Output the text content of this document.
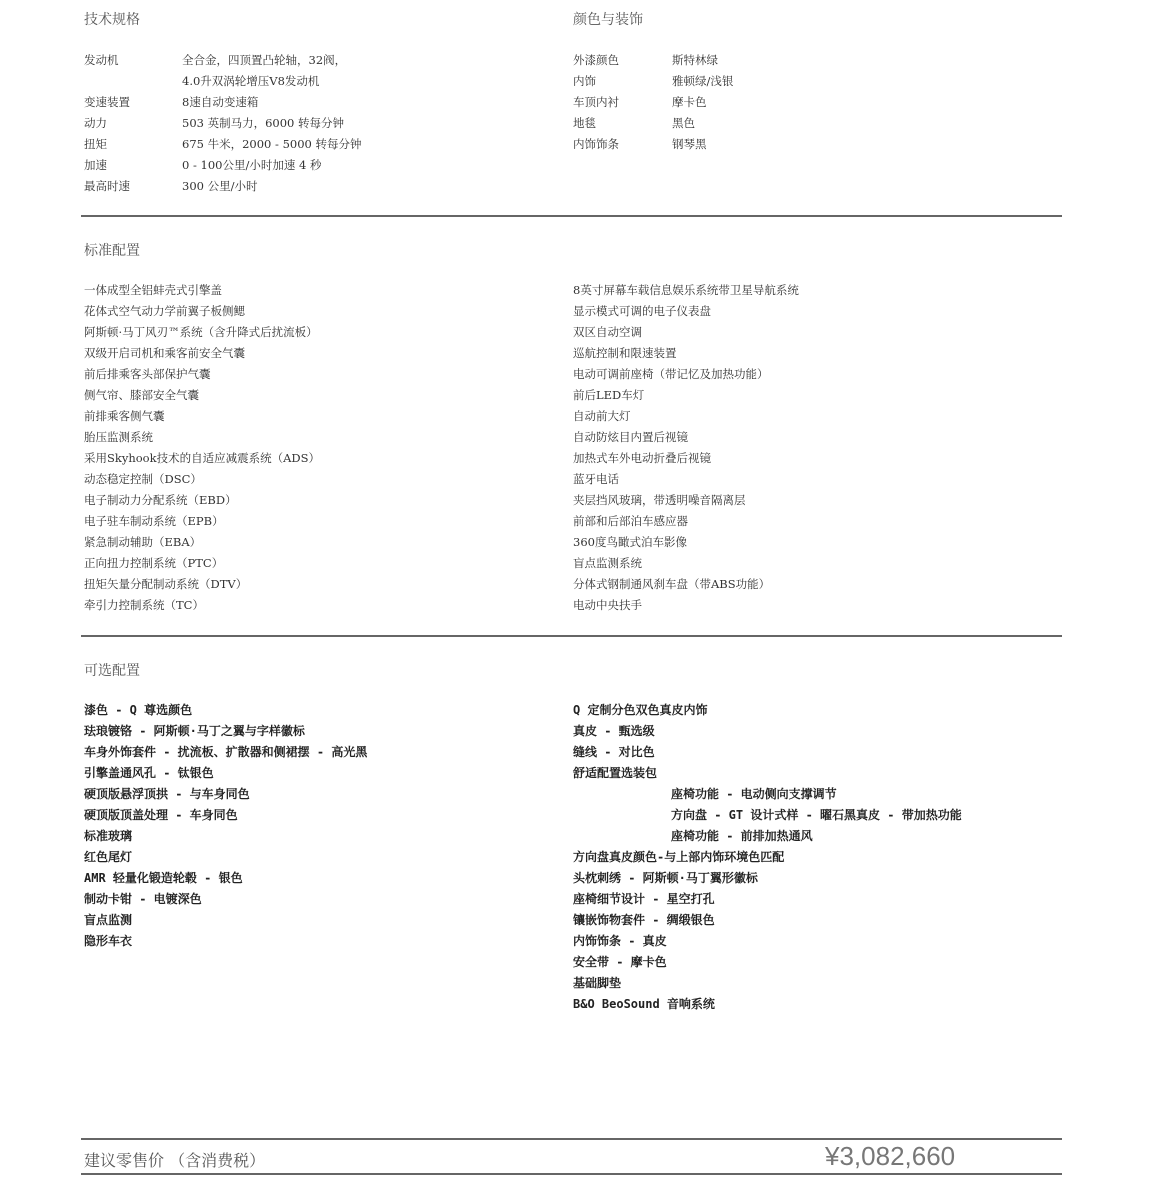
技术规格
发动机	全合金，四顶置凸轮轴，32阀，
4.0升双涡轮增压V8发动机
变速装置	8速自动变速箱
动力	503 英制马力，6000 转每分钟
扭矩	675 牛米，2000 - 5000 转每分钟
加速	0 - 100公里/小时加速 4 秒
最高时速	300 公里/小时
颜色与装饰
外漆颜色	斯特林绿
内饰	雅顿绿/浅银
车顶内衬	摩卡色
地毯	黑色
内饰饰条	钢琴黑
标准配置
一体成型全铝蚌壳式引擎盖
花体式空气动力学前翼子板侧鳃
阿斯顿·马丁风刃™系统（含升降式后扰流板）
双级开启司机和乘客前安全气囊
前后排乘客头部保护气囊
侧气帘、膝部安全气囊
前排乘客侧气囊
胎压监测系统
采用Skyhook技术的自适应减震系统（ADS）
动态稳定控制（DSC）
电子制动力分配系统（EBD）
电子驻车制动系统（EPB）
紧急制动辅助（EBA）
正向扭力控制系统（PTC）
扭矩矢量分配制动系统（DTV）
牵引力控制系统（TC）
8英寸屏幕车载信息娱乐系统带卫星导航系统
显示模式可调的电子仪表盘
双区自动空调
巡航控制和限速装置
电动可调前座椅（带记忆及加热功能）
前后LED车灯
自动前大灯
自动防炫目内置后视镜
加热式车外电动折叠后视镜
蓝牙电话
夹层挡风玻璃，带透明噪音隔离层
前部和后部泊车感应器
360度鸟瞰式泊车影像
盲点监测系统
分体式钢制通风刹车盘（带ABS功能）
电动中央扶手
可选配置
漆色 - Q 尊选颜色
珐琅镀铬 - 阿斯顿·马丁之翼与字样徽标
车身外饰套件 - 扰流板、扩散器和侧裙摆 - 高光黑
引擎盖通风孔 - 钛银色
硬顶版悬浮顶拱 - 与车身同色
硬顶版顶盖处理 - 车身同色
标准玻璃
红色尾灯
AMR 轻量化锻造轮毂 - 银色
制动卡钳 - 电镀深色
盲点监测
隐形车衣
Q 定制分色双色真皮内饰
真皮 - 甄选级
缝线 - 对比色
舒适配置选装包
座椅功能 - 电动侧向支撑调节
方向盘 - GT 设计式样 - 曜石黑真皮 - 带加热功能
座椅功能 - 前排加热通风
方向盘真皮颜色-与上部内饰环境色匹配
头枕刺绣 - 阿斯顿·马丁翼形徽标
座椅细节设计 - 星空打孔
镶嵌饰物套件 - 绸缎银色
内饰饰条 - 真皮
安全带 - 摩卡色
基础脚垫
B&O BeoSound 音响系统
建议零售价 （含消费税）	¥3,082,660
